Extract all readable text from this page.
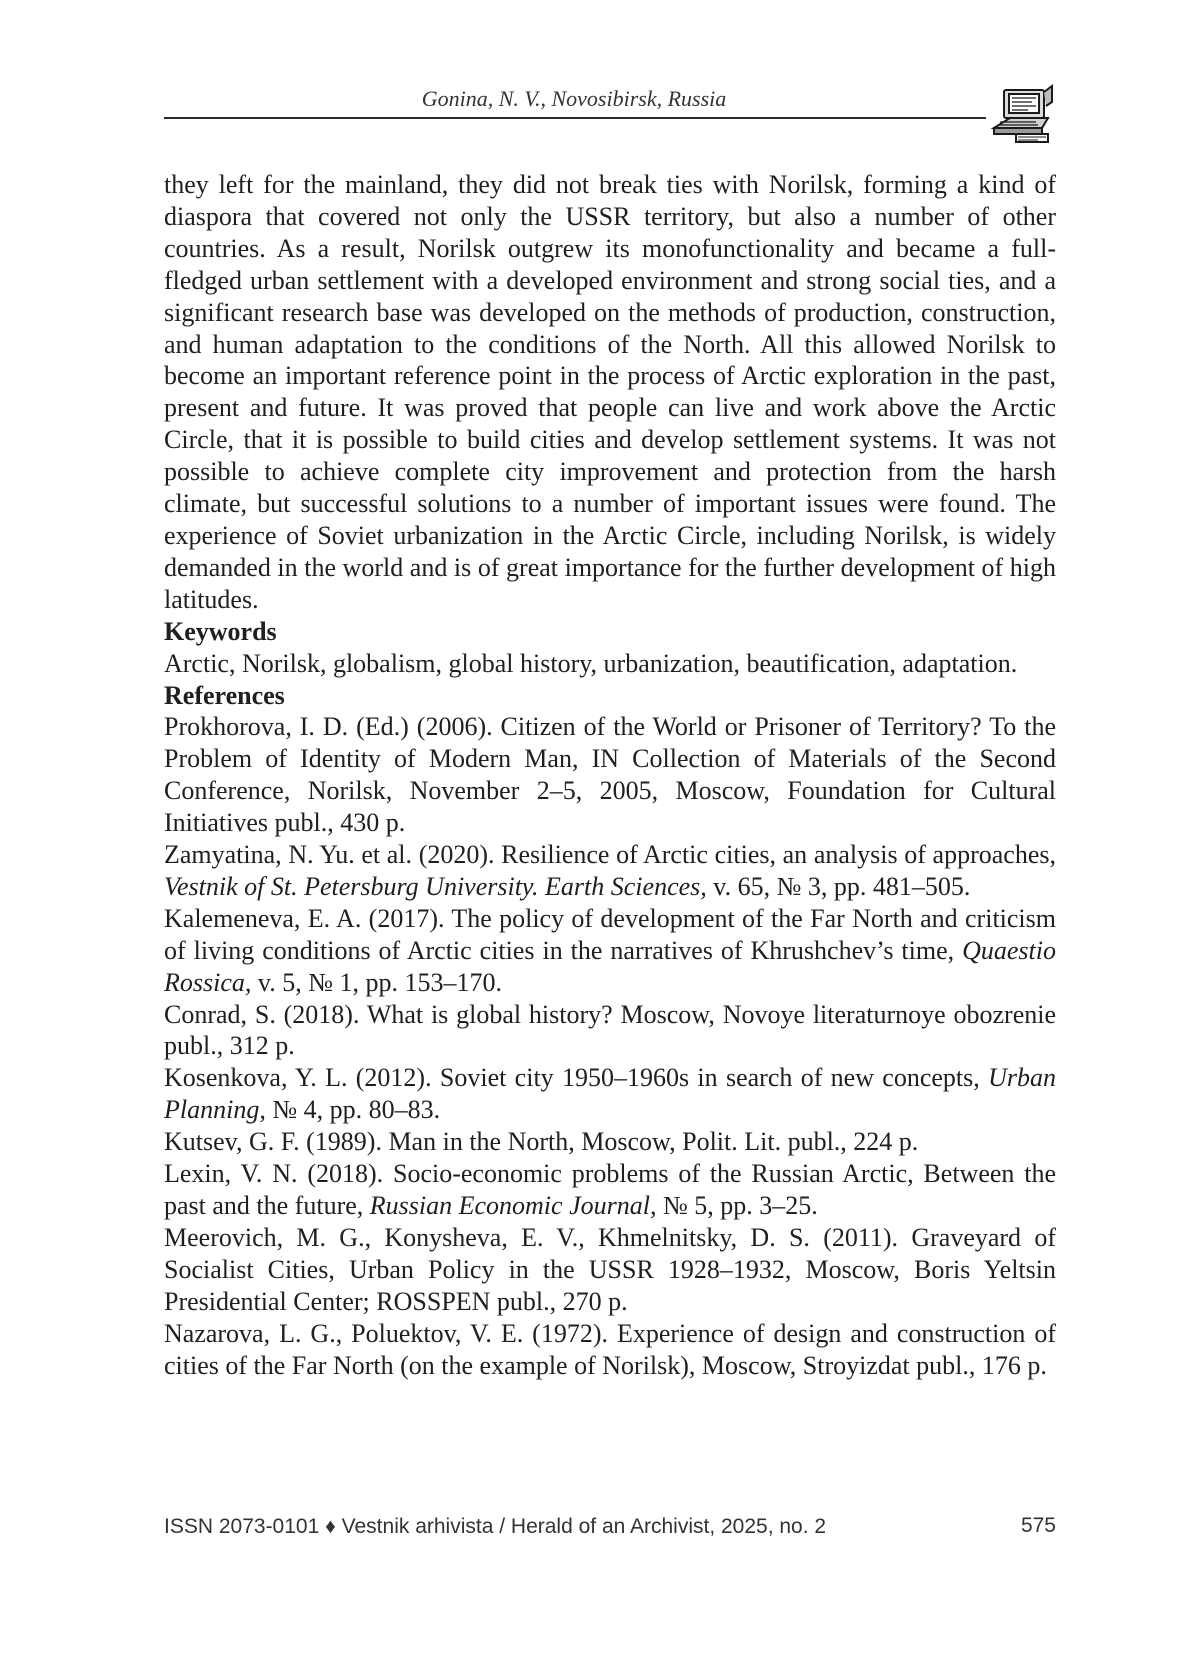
Gonina, N. V., Novosibirsk, Russia

they left for the mainland, they did not break ties with Norilsk, forming a kind of diaspora that covered not only the USSR territory, but also a number of other countries. As a result, Norilsk outgrew its monofunctionality and became a full-fledged urban settlement with a developed environment and strong social ties, and a significant research base was developed on the methods of production, construction, and human adaptation to the conditions of the North. All this allowed Norilsk to become an important reference point in the process of Arctic exploration in the past, present and future. It was proved that people can live and work above the Arctic Circle, that it is possible to build cities and develop settlement systems. It was not possible to achieve complete city improvement and protection from the harsh climate, but successful solutions to a number of important issues were found. The experience of Soviet urbanization in the Arctic Circle, including Norilsk, is widely demanded in the world and is of great importance for the further development of high latitudes.

Keywords

Arctic, Norilsk, globalism, global history, urbanization, beautification, adaptation.

References

Prokhorova, I. D. (Ed.) (2006). Citizen of the World or Prisoner of Territory? To the Problem of Identity of Modern Man, IN Collection of Materials of the Second Conference, Norilsk, November 2–5, 2005, Moscow, Foundation for Cultural Initiatives publ., 430 p.

Zamyatina, N. Yu. et al. (2020). Resilience of Arctic cities, an analysis of approaches, Vestnik of St. Petersburg University. Earth Sciences, v. 65, № 3, pp. 481–505.

Kalemeneva, E. A. (2017). The policy of development of the Far North and criticism of living conditions of Arctic cities in the narratives of Khrushchev’s time, Quaestio Rossica, v. 5, № 1, pp. 153–170.

Conrad, S. (2018). What is global history? Moscow, Novoye literaturnoye obozrenie publ., 312 p.

Kosenkova, Y. L. (2012). Soviet city 1950–1960s in search of new concepts, Urban Planning, № 4, pp. 80–83.

Kutsev, G. F. (1989). Man in the North, Moscow, Polit. Lit. publ., 224 p.

Lexin, V. N. (2018). Socio-economic problems of the Russian Arctic, Between the past and the future, Russian Economic Journal, № 5, pp. 3–25.

Meerovich, M. G., Konysheva, E. V., Khmelnitsky, D. S. (2011). Graveyard of Socialist Cities, Urban Policy in the USSR 1928–1932, Moscow, Boris Yeltsin Presidential Center; ROSSPEN publ., 270 p.

Nazarova, L. G., Poluektov, V. E. (1972). Experience of design and construction of cities of the Far North (on the example of Norilsk), Moscow, Stroyizdat publ., 176 p.

ISSN 2073-0101 ♦ Vestnik arhivista / Herald of an Archivist, 2025, no. 2	575
